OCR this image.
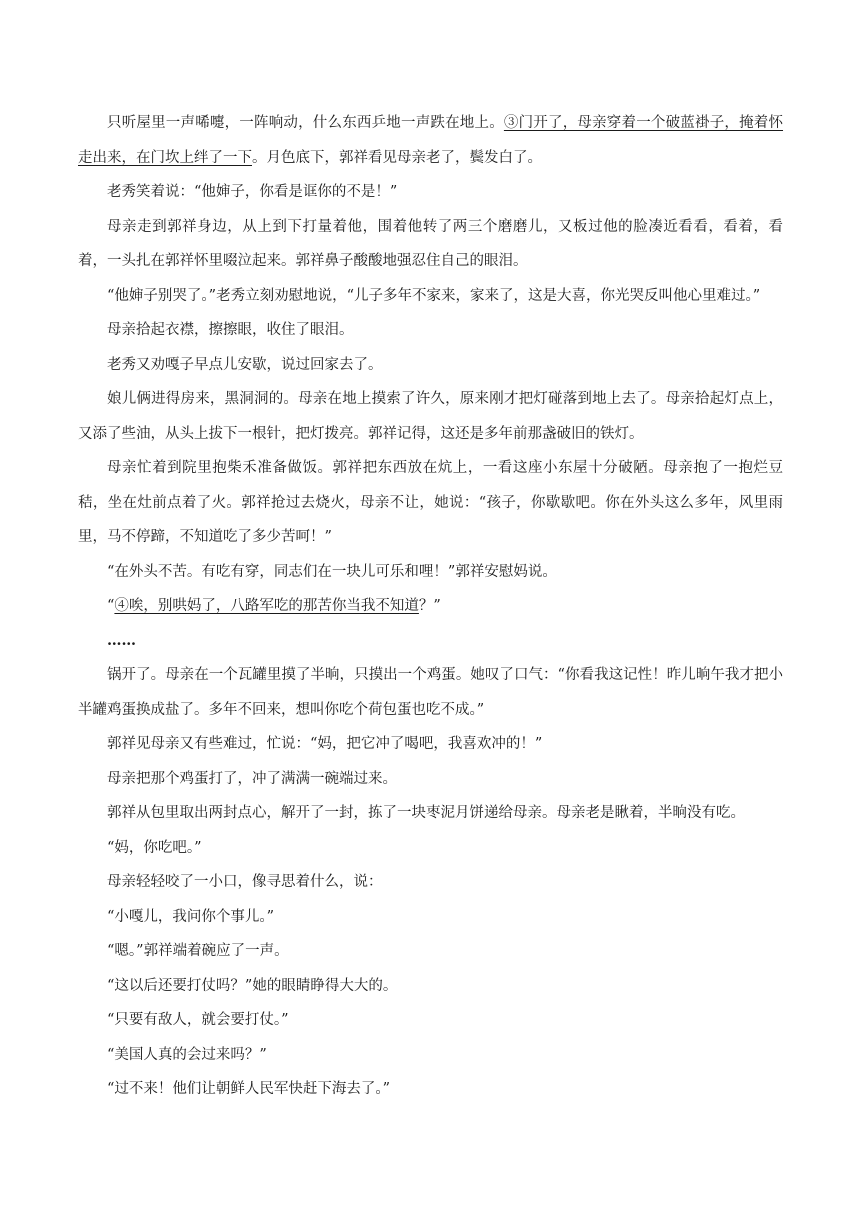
只听屋里一声唏嚏，一阵响动，什么东西乒地一声跌在地上。③门开了，母亲穿着一个破蓝褂子，掩着怀走出来，在门坎上绊了一下。月色底下，郭祥看见母亲老了，鬓发白了。

老秀笑着说：“他婶子，你看是诓你的不是！”

母亲走到郭祥身边，从上到下打量着他，围着他转了两三个磨磨儿，又板过他的脸凑近看看，看着，看着，一头扎在郭祥怀里啜泣起来。郭祥鼻子酸酸地强忍住自己的眼泪。

“他婶子别哭了。”老秀立刻劝慰地说，“儿子多年不家来，家来了，这是大喜，你光哭反叫他心里难过。”

母亲拾起衣襟，擦擦眼，收住了眼泪。

老秀又劝嘎子早点儿安歇，说过回家去了。

娘儿俩进得房来，黑洞洞的。母亲在地上摸索了许久，原来刚才把灯碰落到地上去了。母亲拾起灯点上，又添了些油，从头上拔下一根针，把灯拨亮。郭祥记得，这还是多年前那盏破旧的铁灯。

母亲忙着到院里抱柴禾准备做饭。郭祥把东西放在炕上，一看这座小东屋十分破陋。母亲抱了一抱烂豆秸，坐在灶前点着了火。郭祥抢过去烧火，母亲不让，她说：“孩子，你歇歇吧。你在外头这么多年，风里雨里，马不停蹄，不知道吃了多少苦呵！”

“在外头不苦。有吃有穿，同志们在一块儿可乐和哩！”郭祥安慰妈说。

“④唉，别哄妈了，八路军吃的那苦你当我不知道？”

……

锅开了。母亲在一个瓦罐里摸了半晌，只摸出一个鸡蛋。她叹了口气：“你看我这记性！昨儿晌午我才把小半罐鸡蛋换成盐了。多年不回来，想叫你吃个荷包蛋也吃不成。”

郭祥见母亲又有些难过，忙说：“妈，把它冲了喝吧，我喜欢冲的！”

母亲把那个鸡蛋打了，冲了满满一碗端过来。

郭祥从包里取出两封点心，解开了一封，拣了一块枣泥月饼递给母亲。母亲老是瞅着，半晌没有吃。

“妈，你吃吧。”

母亲轻轻咬了一小口，像寻思着什么，说：

“小嘎儿，我问你个事儿。”

“嗯。”郭祥端着碗应了一声。

“这以后还要打仗吗？”她的眼睛睁得大大的。

“只要有敌人，就会要打仗。”

“美国人真的会过来吗？”

“过不来！他们让朝鲜人民军快赶下海去了。”
